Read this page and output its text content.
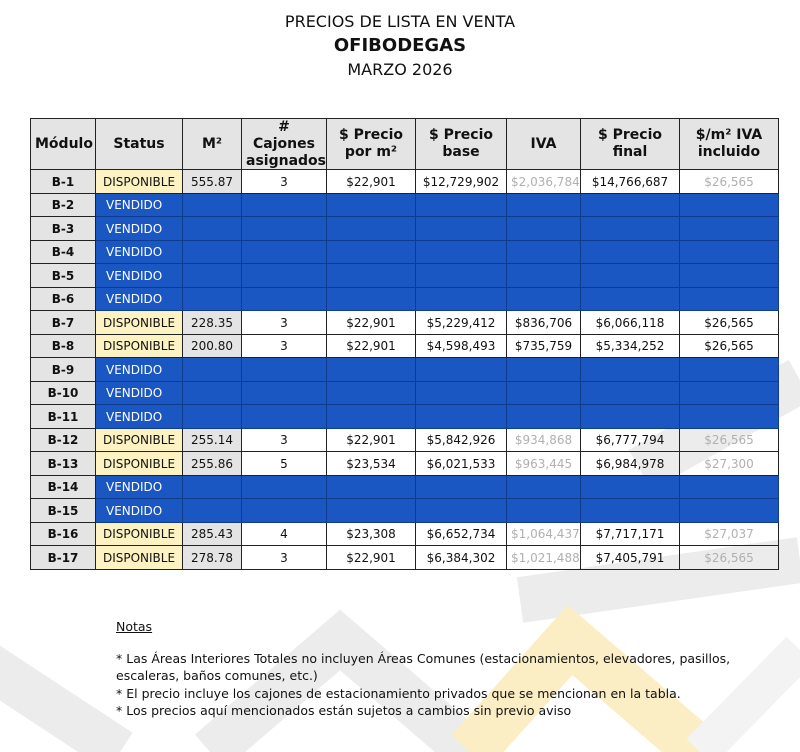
PRECIOS DE LISTA EN VENTA
OFIBODEGAS
MARZO 2026
Módulo	Status	M²	# Cajones asignados	$ Precio por m²	$ Precio base	IVA	$ Precio final	$/m² IVA incluido
B-1	DISPONIBLE	555.87	3	$22,901	$12,729,902	$2,036,784	$14,766,687	$26,565
B-2	VENDIDO							
B-3	VENDIDO							
B-4	VENDIDO							
B-5	VENDIDO							
B-6	VENDIDO							
B-7	DISPONIBLE	228.35	3	$22,901	$5,229,412	$836,706	$6,066,118	$26,565
B-8	DISPONIBLE	200.80	3	$22,901	$4,598,493	$735,759	$5,334,252	$26,565
B-9	VENDIDO							
B-10	VENDIDO							
B-11	VENDIDO							
B-12	DISPONIBLE	255.14	3	$22,901	$5,842,926	$934,868	$6,777,794	$26,565
B-13	DISPONIBLE	255.86	5	$23,534	$6,021,533	$963,445	$6,984,978	$27,300
B-14	VENDIDO							
B-15	VENDIDO							
B-16	DISPONIBLE	285.43	4	$23,308	$6,652,734	$1,064,437	$7,717,171	$27,037
B-17	DISPONIBLE	278.78	3	$22,901	$6,384,302	$1,021,488	$7,405,791	$26,565
Notas
* Las Áreas Interiores Totales no incluyen Áreas Comunes (estacionamientos, elevadores, pasillos, escaleras, baños comunes, etc.)
* El precio incluye los cajones de estacionamiento privados que se mencionan en la tabla.
* Los precios aquí mencionados están sujetos a cambios sin previo aviso
